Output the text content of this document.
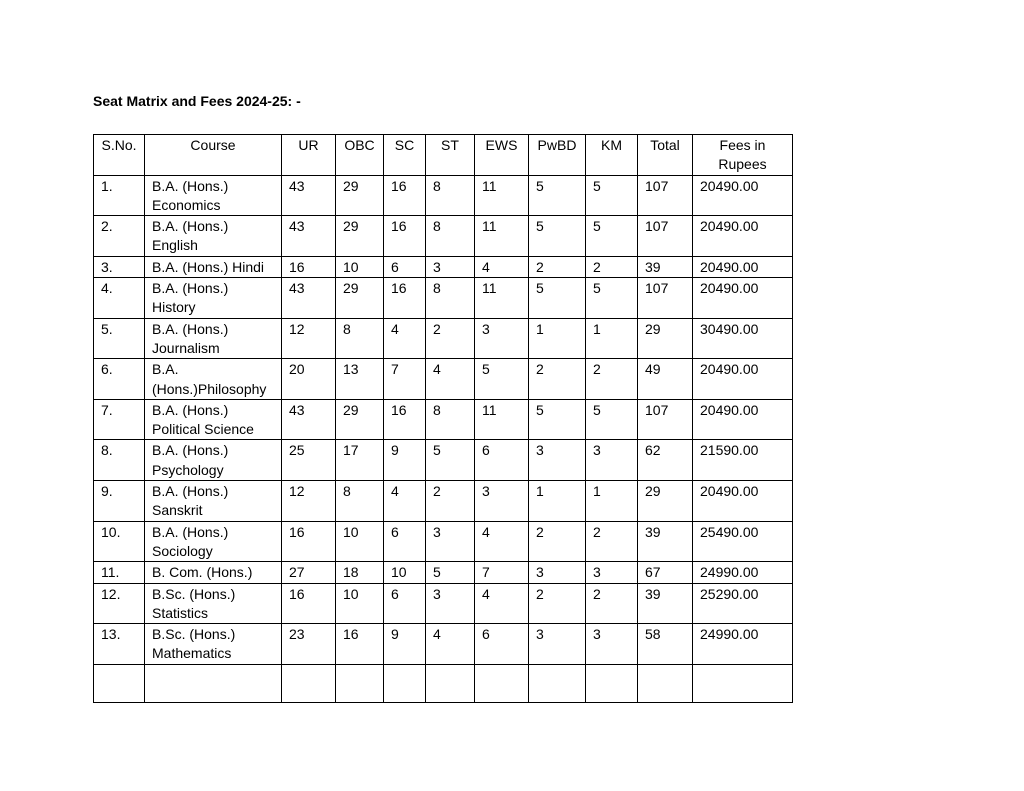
Seat Matrix and Fees 2024-25: -
S.No.	Course	UR	OBC	SC	ST	EWS	PwBD	KM	Total	Fees in Rupees
1.	B.A. (Hons.) Economics	43	29	16	8	11	5	5	107	20490.00
2.	B.A. (Hons.) English	43	29	16	8	11	5	5	107	20490.00
3.	B.A. (Hons.) Hindi	16	10	6	3	4	2	2	39	20490.00
4.	B.A. (Hons.) History	43	29	16	8	11	5	5	107	20490.00
5.	B.A. (Hons.) Journalism	12	8	4	2	3	1	1	29	30490.00
6.	B.A. (Hons.)Philosophy	20	13	7	4	5	2	2	49	20490.00
7.	B.A. (Hons.) Political Science	43	29	16	8	11	5	5	107	20490.00
8.	B.A. (Hons.) Psychology	25	17	9	5	6	3	3	62	21590.00
9.	B.A. (Hons.) Sanskrit	12	8	4	2	3	1	1	29	20490.00
10.	B.A. (Hons.) Sociology	16	10	6	3	4	2	2	39	25490.00
11.	B. Com. (Hons.)	27	18	10	5	7	3	3	67	24990.00
12.	B.Sc. (Hons.) Statistics	16	10	6	3	4	2	2	39	25290.00
13.	B.Sc. (Hons.) Mathematics	23	16	9	4	6	3	3	58	24990.00
